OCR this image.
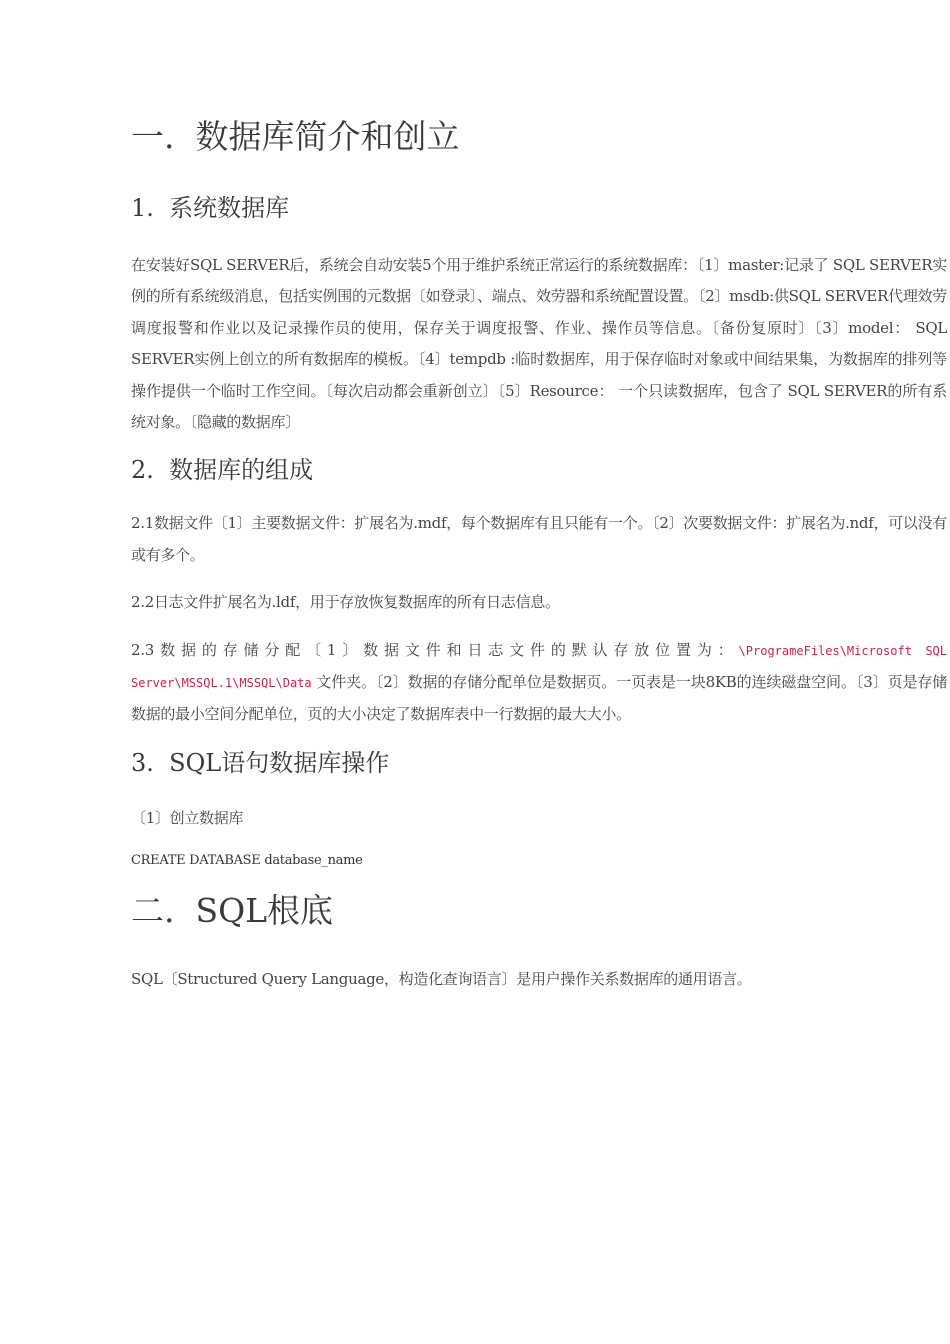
一. 数据库简介和创立
1. 系统数据库

在安装好SQL SERVER后，系统会自动安装5个用于维护系统正常运行的系统数据库：〔1〕master:记录了 SQL SERVER实例的所有系统级消息，包括实例围的元数据〔如登录〕、端点、效劳器和系统配置设置。〔2〕msdb:供SQL SERVER代理效劳调度报警和作业以及记录操作员的使用，保存关于调度报警、作业、操作员等信息。〔备份复原时〕〔3〕model： SQL SERVER实例上创立的所有数据库的模板。〔4〕tempdb :临时数据库，用于保存临时对象或中间结果集，为数据库的排列等操作提供一个临时工作空间。〔每次启动都会重新创立〕〔5〕Resource： 一个只读数据库，包含了 SQL SERVER的所有系统对象。〔隐藏的数据库〕

2. 数据库的组成

2.1数据文件〔1〕主要数据文件：扩展名为.mdf，每个数据库有且只能有一个。〔2〕次要数据文件：扩展名为.ndf，可以没有或有多个。

2.2日志文件扩展名为.ldf，用于存放恢复数据库的所有日志信息。

2.3数据的存储分配〔1〕数据文件和日志文件的默认存放位置为：\ProgrameFiles\Microsoft SQL Server\MSSQL.1\MSSQL\Data 文件夹。〔2〕数据的存储分配单位是数据页。一页表是一块8KB的连续磁盘空间。〔3〕页是存储数据的最小空间分配单位，页的大小决定了数据库表中一行数据的最大大小。

3. SQL语句数据库操作

〔1〕创立数据库

CREATE DATABASE database_name

二. SQL根底

SQL〔Structured Query Language，构造化查询语言〕是用户操作关系数据库的通用语言。
